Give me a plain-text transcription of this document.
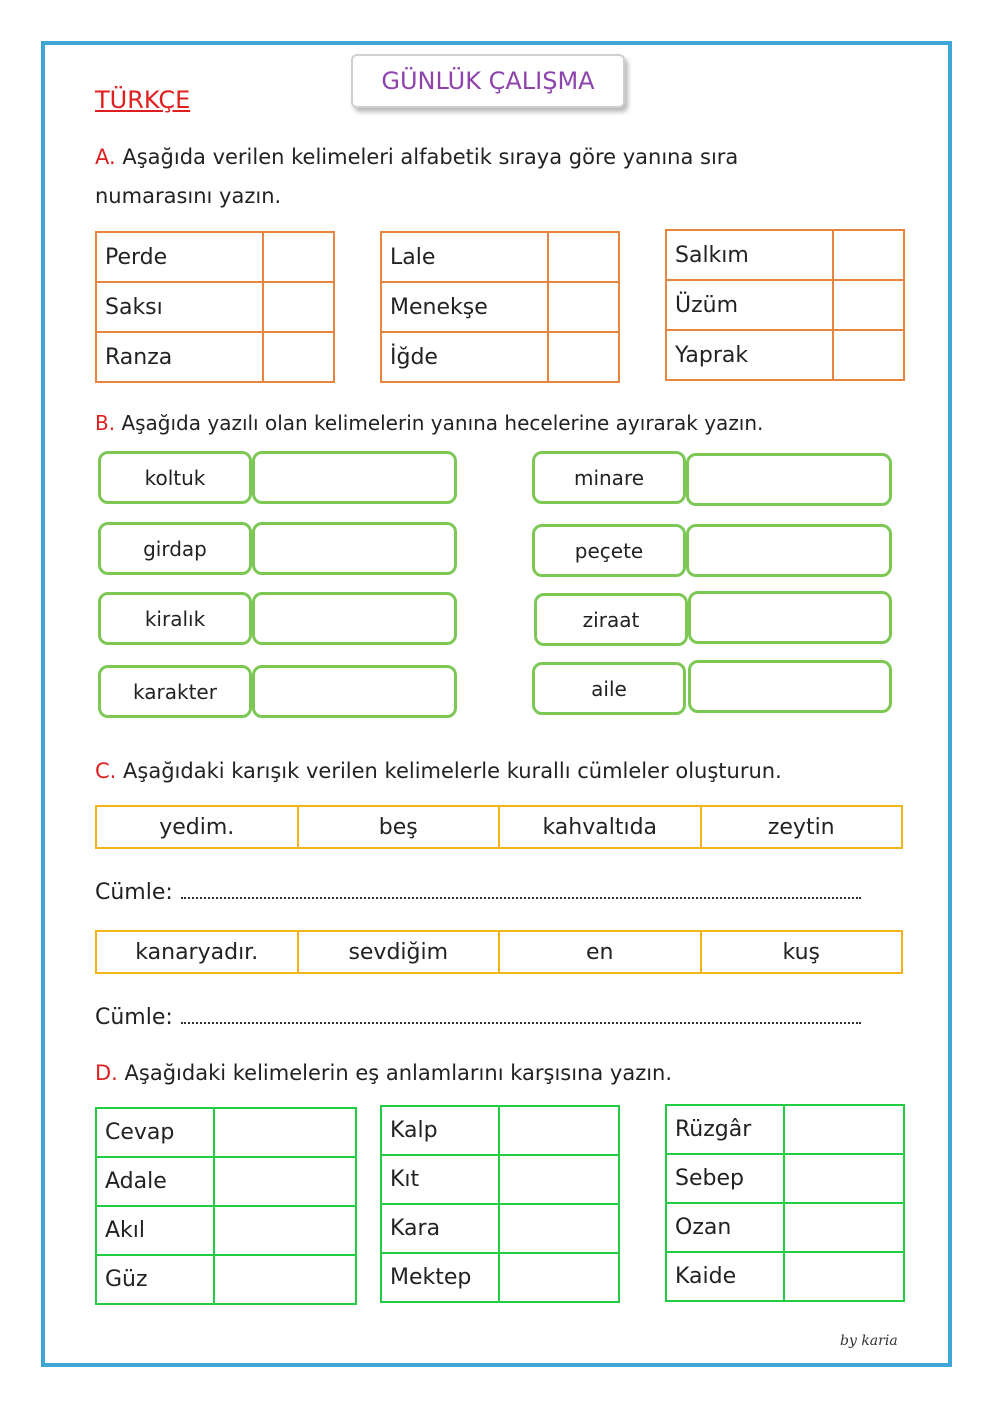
GÜNLÜK ÇALIŞMA
TÜRKÇE
A. Aşağıda verilen kelimeleri alfabetik sıraya göre yanına sıra
numarasını yazın.
Perde	
Saksı	
Ranza	
Lale	
Menekşe	
İğde	
Salkım	
Üzüm	
Yaprak	
B. Aşağıda yazılı olan kelimelerin yanına hecelerine ayırarak yazın.
koltuk
girdap
kiralık
karakter
minare
peçete
ziraat
aile
C. Aşağıdaki karışık verilen kelimelerle kurallı cümleler oluşturun.
yedim.	beş	kahvaltıda	zeytin
Cümle:
kanaryadır.	sevdiğim	en	kuş
Cümle:
D. Aşağıdaki kelimelerin eş anlamlarını karşısına yazın.
Cevap	
Adale	
Akıl	
Güz	
Kalp	
Kıt	
Kara	
Mektep	
Rüzgâr	
Sebep	
Ozan	
Kaide	
by karia
